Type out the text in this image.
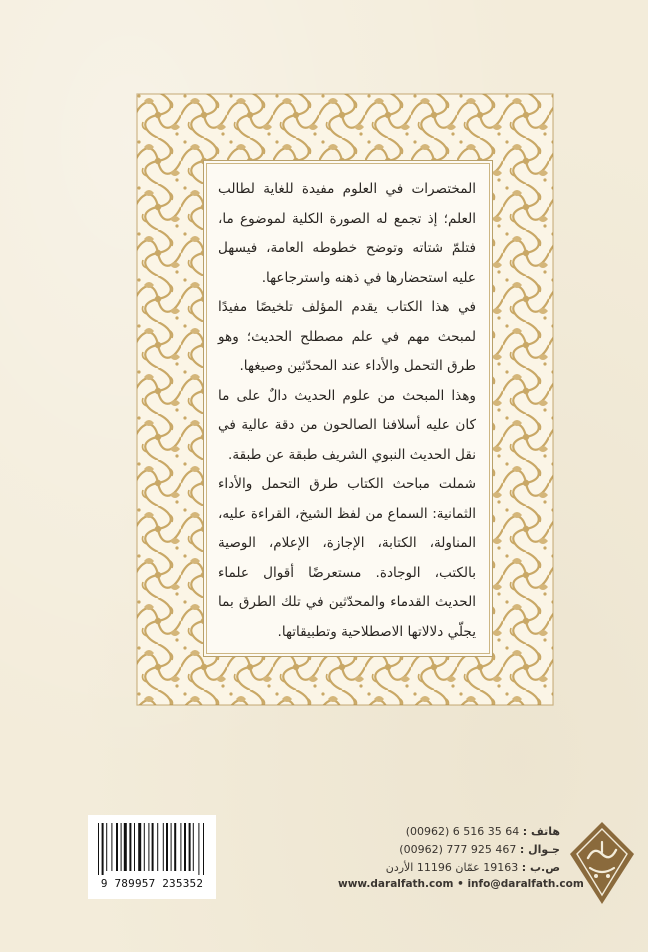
المختصرات في العلوم مفيدة للغاية لطالب العلم؛ إذ تجمع له الصورة الكلية لموضوع ما، فتلمّ شتاته وتوضح خطوطه العامة، فيسهل عليه استحضارها في ذهنه واسترجاعها.

في هذا الكتاب يقدم المؤلف تلخيصًا مفيدًا لمبحث مهم في علم مصطلح الحديث؛ وهو طرق التحمل والأداء عند المحدّثين وصيغها.

وهذا المبحث من علوم الحديث دالٌ على ما كان عليه أسلافنا الصالحون من دقة عالية في نقل الحديث النبوي الشريف طبقة عن طبقة.

شملت مباحث الكتاب طرق التحمل والأداء الثمانية: السماع من لفظ الشيخ، القراءة عليه، المناولة، الكتابة، الإجازة، الإعلام، الوصية بالكتب، الوجادة. مستعرضًا أقوال علماء الحديث القدماء والمحدّثين في تلك الطرق بما يجلّي دلالاتها الاصطلاحية وتطبيقاتها.

9 789957 235352
هاتف : (00962) 6 516 35 64
جـوال : (00962) 777 925 467
ص.ب : 19163 عمّان 11196 الأردن
www.daralfath.com • info@daralfath.com
